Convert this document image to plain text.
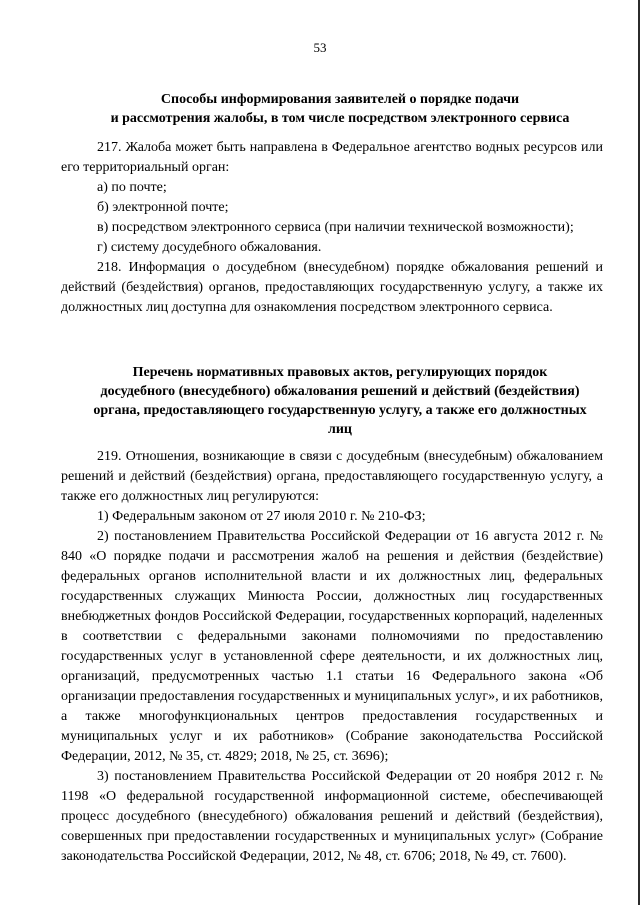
53
Способы информирования заявителей о порядке подачи
и рассмотрения жалобы, в том числе посредством электронного сервиса

217. Жалоба может быть направлена в Федеральное агентство водных ресурсов или его территориальный орган:

а) по почте;

б) электронной почте;

в) посредством электронного сервиса (при наличии технической возможности);

г) систему досудебного обжалования.

218. Информация о досудебном (внесудебном) порядке обжалования решений и действий (бездействия) органов, предоставляющих государственную услугу, а также их должностных лиц доступна для ознакомления посредством электронного сервиса.

Перечень нормативных правовых актов, регулирующих порядок
досудебного (внесудебного) обжалования решений и действий (бездействия)
органа, предоставляющего государственную услугу, а также его должностных
лиц

219. Отношения, возникающие в связи с досудебным (внесудебным) обжалованием решений и действий (бездействия) органа, предоставляющего государственную услугу, а также его должностных лиц регулируются:

1) Федеральным законом от 27 июля 2010 г. № 210-ФЗ;

2) постановлением Правительства Российской Федерации от 16 августа 2012 г. № 840 «О порядке подачи и рассмотрения жалоб на решения и действия (бездействие) федеральных органов исполнительной власти и их должностных лиц, федеральных государственных служащих Минюста России, должностных лиц государственных внебюджетных фондов Российской Федерации, государственных корпораций, наделенных в соответствии с федеральными законами полномочиями по предоставлению государственных услуг в установленной сфере деятельности, и их должностных лиц, организаций, предусмотренных частью 1.1 статьи 16 Федерального закона «Об организации предоставления государственных и муниципальных услуг», и их работников, а также многофункциональных центров предоставления государственных и муниципальных услуг и их работников» (Собрание законодательства Российской Федерации, 2012, № 35, ст. 4829; 2018, № 25, ст. 3696);

3) постановлением Правительства Российской Федерации от 20 ноября 2012 г. № 1198 «О федеральной государственной информационной системе, обеспечивающей процесс досудебного (внесудебного) обжалования решений и действий (бездействия), совершенных при предоставлении государственных и муниципальных услуг» (Собрание законодательства Российской Федерации, 2012, № 48, ст. 6706; 2018, № 49, ст. 7600).
